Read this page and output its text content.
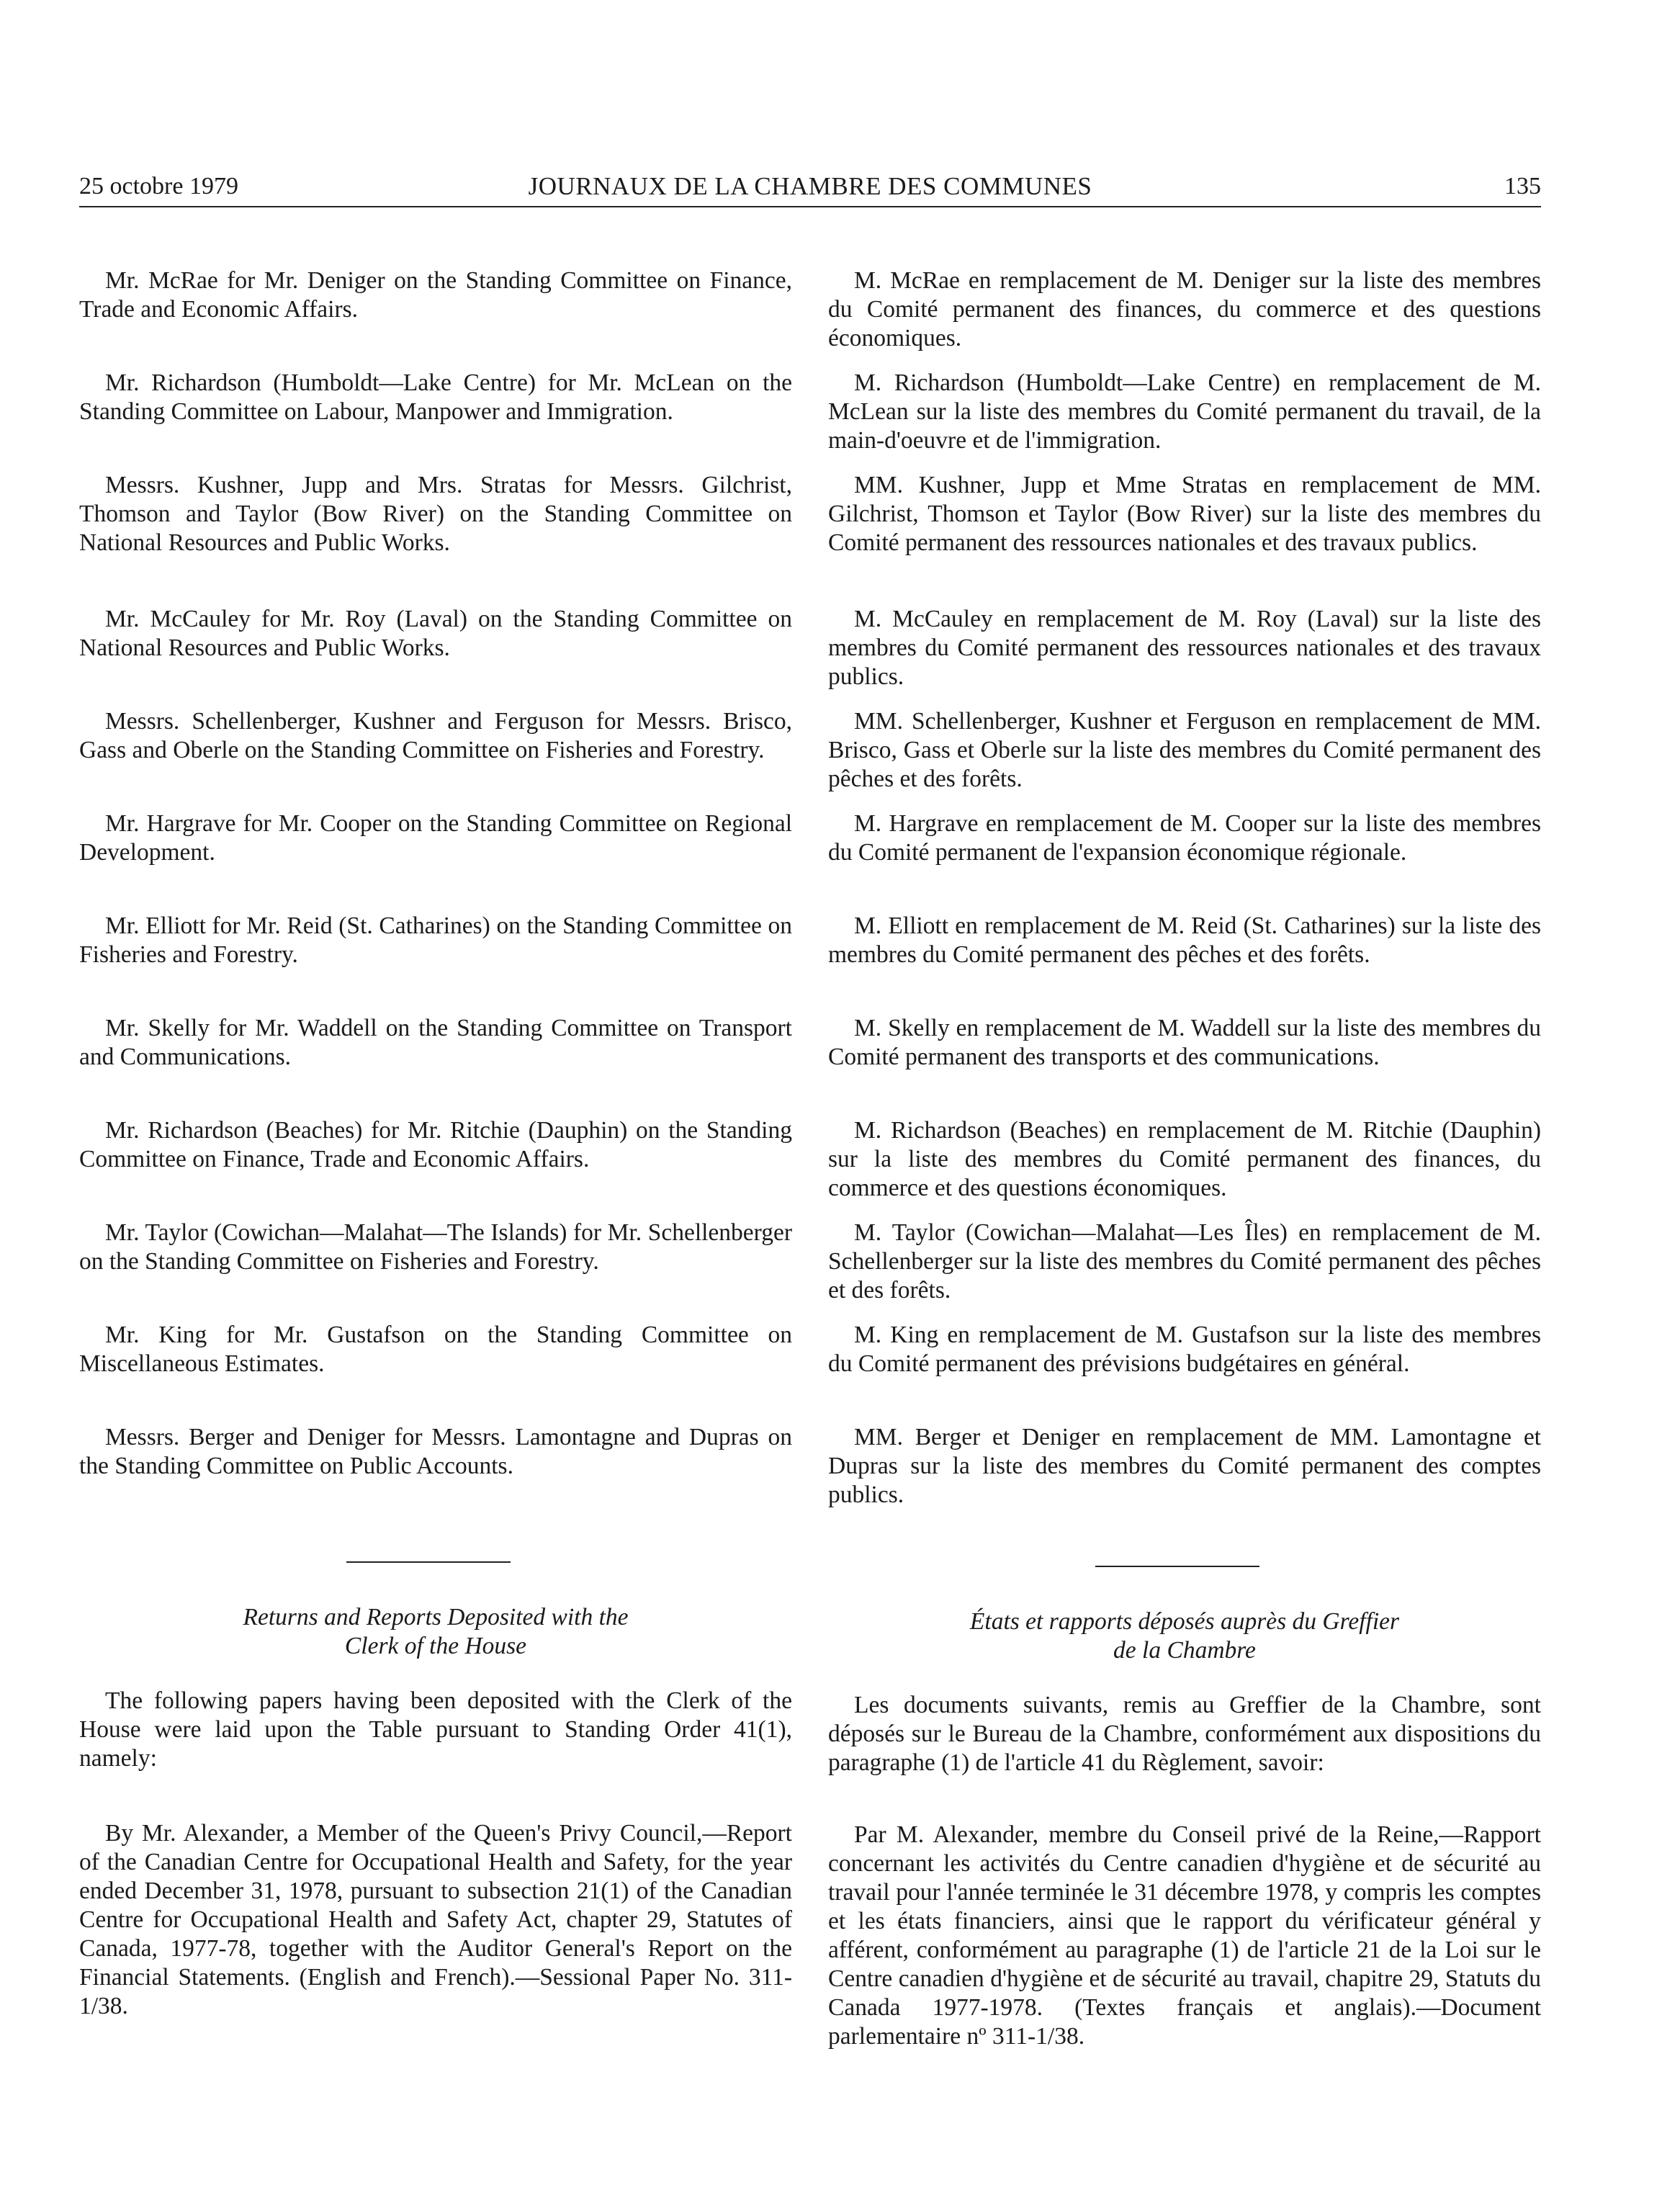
25 octobre 1979	JOURNAUX DE LA CHAMBRE DES COMMUNES	135

Mr. McRae for Mr. Deniger on the Standing Committee on Finance, Trade and Economic Affairs.

Mr. Richardson (Humboldt—Lake Centre) for Mr. McLean on the Standing Committee on Labour, Manpower and Immigration.

Messrs. Kushner, Jupp and Mrs. Stratas for Messrs. Gilchrist, Thomson and Taylor (Bow River) on the Standing Committee on National Resources and Public Works.

Mr. McCauley for Mr. Roy (Laval) on the Standing Committee on National Resources and Public Works.

Messrs. Schellenberger, Kushner and Ferguson for Messrs. Brisco, Gass and Oberle on the Standing Committee on Fisheries and Forestry.

Mr. Hargrave for Mr. Cooper on the Standing Committee on Regional Development.

Mr. Elliott for Mr. Reid (St. Catharines) on the Standing Committee on Fisheries and Forestry.

Mr. Skelly for Mr. Waddell on the Standing Committee on Transport and Communications.

Mr. Richardson (Beaches) for Mr. Ritchie (Dauphin) on the Standing Committee on Finance, Trade and Economic Affairs.

Mr. Taylor (Cowichan—Malahat—The Islands) for Mr. Schellenberger on the Standing Committee on Fisheries and Forestry.

Mr. King for Mr. Gustafson on the Standing Committee on Miscellaneous Estimates.

Messrs. Berger and Deniger for Messrs. Lamontagne and Dupras on the Standing Committee on Public Accounts.

M. McRae en remplacement de M. Deniger sur la liste des membres du Comité permanent des finances, du commerce et des questions économiques.

M. Richardson (Humboldt—Lake Centre) en remplacement de M. McLean sur la liste des membres du Comité permanent du travail, de la main-d'oeuvre et de l'immigration.

MM. Kushner, Jupp et Mme Stratas en remplacement de MM. Gilchrist, Thomson et Taylor (Bow River) sur la liste des membres du Comité permanent des ressources nationales et des travaux publics.

M. McCauley en remplacement de M. Roy (Laval) sur la liste des membres du Comité permanent des ressources nationales et des travaux publics.

MM. Schellenberger, Kushner et Ferguson en remplacement de MM. Brisco, Gass et Oberle sur la liste des membres du Comité permanent des pêches et des forêts.

M. Hargrave en remplacement de M. Cooper sur la liste des membres du Comité permanent de l'expansion économique régionale.

M. Elliott en remplacement de M. Reid (St. Catharines) sur la liste des membres du Comité permanent des pêches et des forêts.

M. Skelly en remplacement de M. Waddell sur la liste des membres du Comité permanent des transports et des communications.

M. Richardson (Beaches) en remplacement de M. Ritchie (Dauphin) sur la liste des membres du Comité permanent des finances, du commerce et des questions économiques.

M. Taylor (Cowichan—Malahat—Les Îles) en remplacement de M. Schellenberger sur la liste des membres du Comité permanent des pêches et des forêts.

M. King en remplacement de M. Gustafson sur la liste des membres du Comité permanent des prévisions budgétaires en général.

MM. Berger et Deniger en remplacement de MM. Lamontagne et Dupras sur la liste des membres du Comité permanent des comptes publics.

Returns and Reports Deposited with the
Clerk of the House

The following papers having been deposited with the Clerk of the House were laid upon the Table pursuant to Standing Order 41(1), namely:

By Mr. Alexander, a Member of the Queen's Privy Council,—Report of the Canadian Centre for Occupational Health and Safety, for the year ended December 31, 1978, pursuant to subsection 21(1) of the Canadian Centre for Occupational Health and Safety Act, chapter 29, Statutes of Canada, 1977-78, together with the Auditor General's Report on the Financial Statements. (English and French).—Sessional Paper No. 311-1/38.

États et rapports déposés auprès du Greffier
de la Chambre

Les documents suivants, remis au Greffier de la Chambre, sont déposés sur le Bureau de la Chambre, conformément aux dispositions du paragraphe (1) de l'article 41 du Règlement, savoir:

Par M. Alexander, membre du Conseil privé de la Reine,—Rapport concernant les activités du Centre canadien d'hygiène et de sécurité au travail pour l'année terminée le 31 décembre 1978, y compris les comptes et les états financiers, ainsi que le rapport du vérificateur général y afférent, conformément au paragraphe (1) de l'article 21 de la Loi sur le Centre canadien d'hygiène et de sécurité au travail, chapitre 29, Statuts du Canada 1977-1978. (Textes français et anglais).—Document parlementaire nº 311-1/38.
